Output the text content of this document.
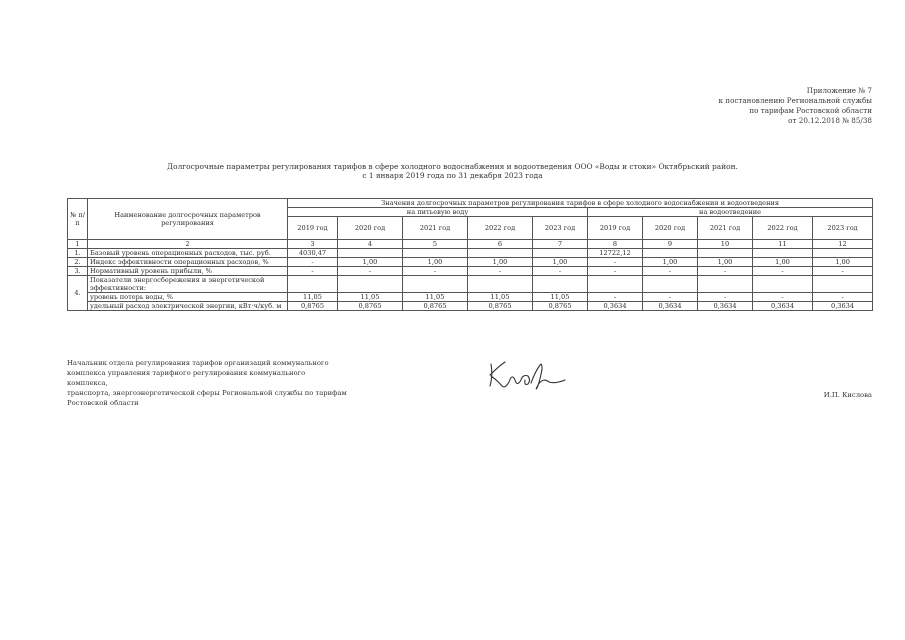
Приложение № 7
к постановлению Региональной службы
по тарифам Ростовской области
от 20.12.2018 № 85/38
Долгосрочные параметры регулирования тарифов в сфере холодного водоснабжения и водоотведения ООО «Воды и стоки» Октябрьский район.
с 1 января 2019 года по 31 декабря 2023 года
№ п/п	Наименование долгосрочных параметров регулирования	Значения долгосрочных параметров регулирования тарифов в сфере холодного водоснабжения и водоотведения									
		на питьевую воду					на водоотведение				
		2019 год	2020 год	2021 год	2022 год	2023 год	2019 год	2020 год	2021 год	2022 год	2023 год
1	2	3	4	5	6	7	8	9	10	11	12
1.	Базовый уровень операционных расходов, тыс. руб.	4030,47					12722,12				
2.	Индекс эффективности операционных расходов, %	-	1,00	1,00	1,00	1,00	-	1,00	1,00	1,00	1,00
3.	Нормативный уровень прибыли, %	-	-	-	-	-	-	-	-	-	-
4.	Показатели энергосбережения и энергетической эффективности:										
	уровень потерь воды, %	11,05	11,05	11,05	11,05	11,05	-	-	-	-	-
	удельный расход электрической энергии, кВт·ч/куб. м	0,8765	0,8765	0,8765	0,8765	0,8765	0,3634	0,3634	0,3634	0,3634	0,3634
Начальник отдела регулирования тарифов организаций коммунального
комплекса управления тарифного регулирования коммунального комплекса,
транспорта, энергоэнергетической сферы Региональной службы по тарифам
Ростовской области
И.П. Кислова
